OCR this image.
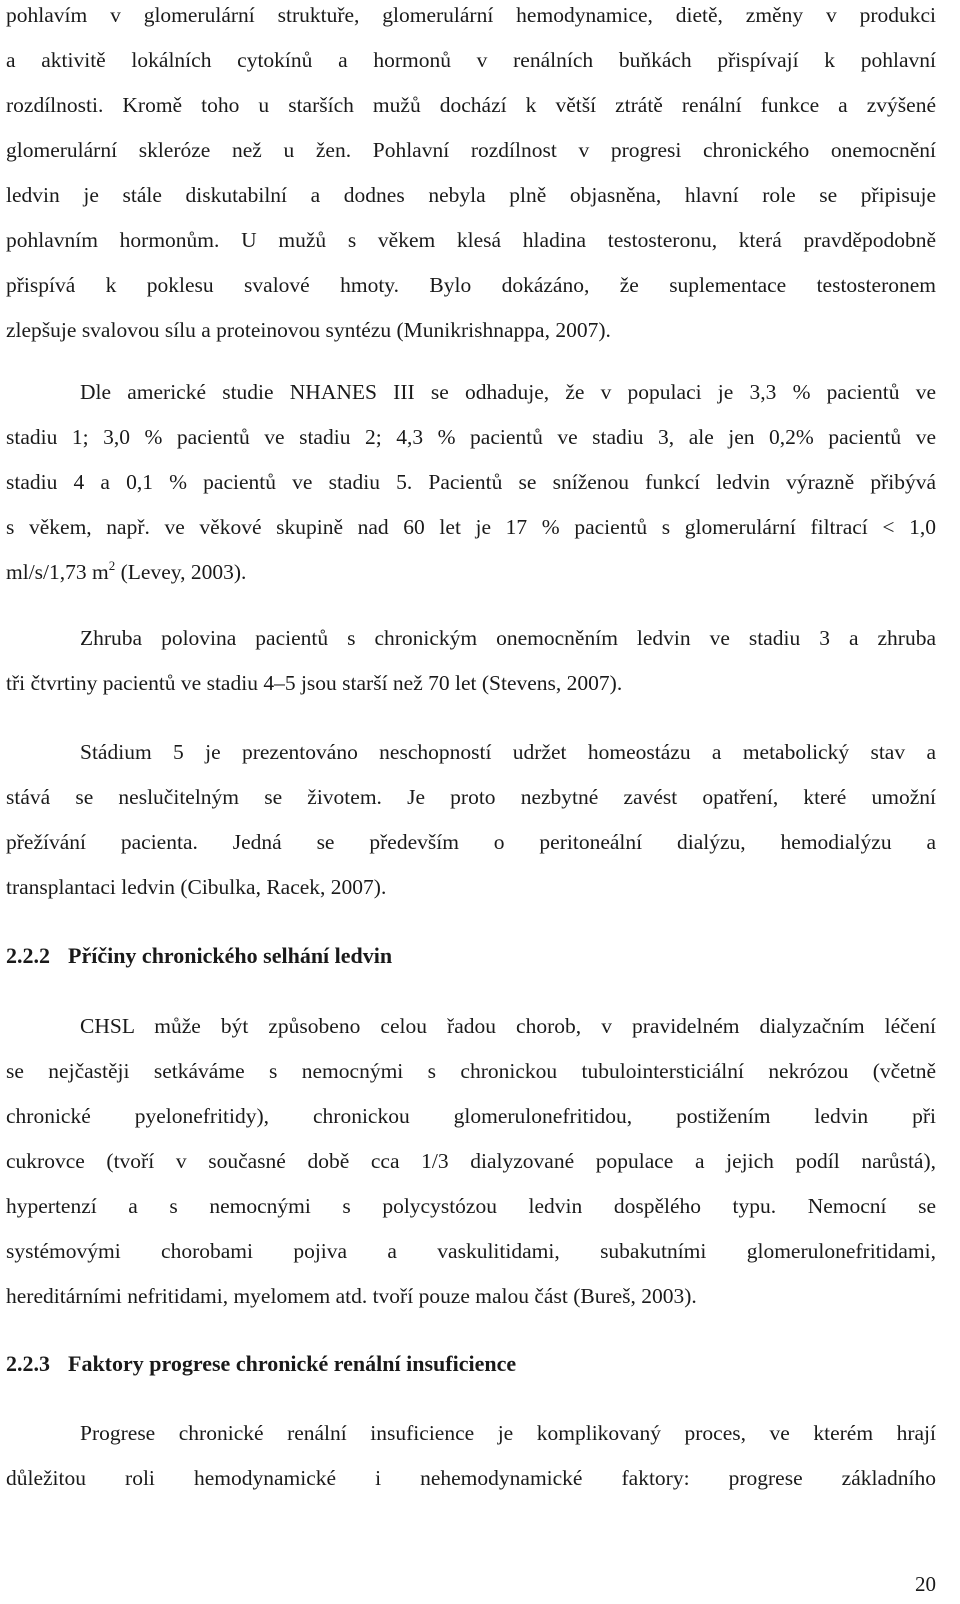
pohlavím v glomerulární struktuře, glomerulární hemodynamice, dietě, změny v produkci
a aktivitě lokálních cytokínů a hormonů v renálních buňkách přispívají k pohlavní
rozdílnosti. Kromě toho u starších mužů dochází k větší ztrátě renální funkce a zvýšené
glomerulární skleróze než u žen. Pohlavní rozdílnost v progresi chronického onemocnění
ledvin je stále diskutabilní a dodnes nebyla plně objasněna, hlavní role se připisuje
pohlavním hormonům. U mužů s věkem klesá hladina testosteronu, která pravděpodobně
přispívá k poklesu svalové hmoty. Bylo dokázáno, že suplementace testosteronem
zlepšuje svalovou sílu a proteinovou syntézu (Munikrishnappa, 2007).
Dle americké studie NHANES III se odhaduje, že v populaci je 3,3 % pacientů ve
stadiu 1; 3,0 % pacientů ve stadiu 2; 4,3 % pacientů ve stadiu 3, ale jen 0,2% pacientů ve
stadiu 4 a 0,1 % pacientů ve stadiu 5. Pacientů se sníženou funkcí ledvin výrazně přibývá
s věkem, např. ve věkové skupině nad 60 let je 17 % pacientů s glomerulární filtrací < 1,0
ml/s/1,73 $m^2$ (Levey, 2003).
Zhruba polovina pacientů s chronickým onemocněním ledvin ve stadiu 3 a zhruba
tři čtvrtiny pacientů ve stadiu 4–5 jsou starší než 70 let (Stevens, 2007).
Stádium 5 je prezentováno neschopností udržet homeostázu a metabolický stav a
stává se neslučitelným se životem. Je proto nezbytné zavést opatření, které umožní
přežívání pacienta. Jedná se především o peritoneální dialýzu, hemodialýzu a
transplantaci ledvin (Cibulka, Racek, 2007).
2.2.2 Příčiny chronického selhání ledvin
CHSL může být způsobeno celou řadou chorob, v pravidelném dialyzačním léčení
se nejčastěji setkáváme s nemocnými s chronickou tubulointersticiální nekrózou (včetně
chronické pyelonefritidy), chronickou glomerulonefritidou, postižením ledvin při
cukrovce (tvoří v současné době cca 1/3 dialyzované populace a jejich podíl narůstá),
hypertenzí a s nemocnými s polycystózou ledvin dospělého typu. Nemocní se
systémovými chorobami pojiva a vaskulitidami, subakutními glomerulonefritidami,
hereditárními nefritidami, myelomem atd. tvoří pouze malou část (Bureš, 2003).
2.2.3 Faktory progrese chronické renální insuficience
Progrese chronické renální insuficience je komplikovaný proces, ve kterém hrají
důležitou roli hemodynamické i nehemodynamické faktory: progrese základního
20
